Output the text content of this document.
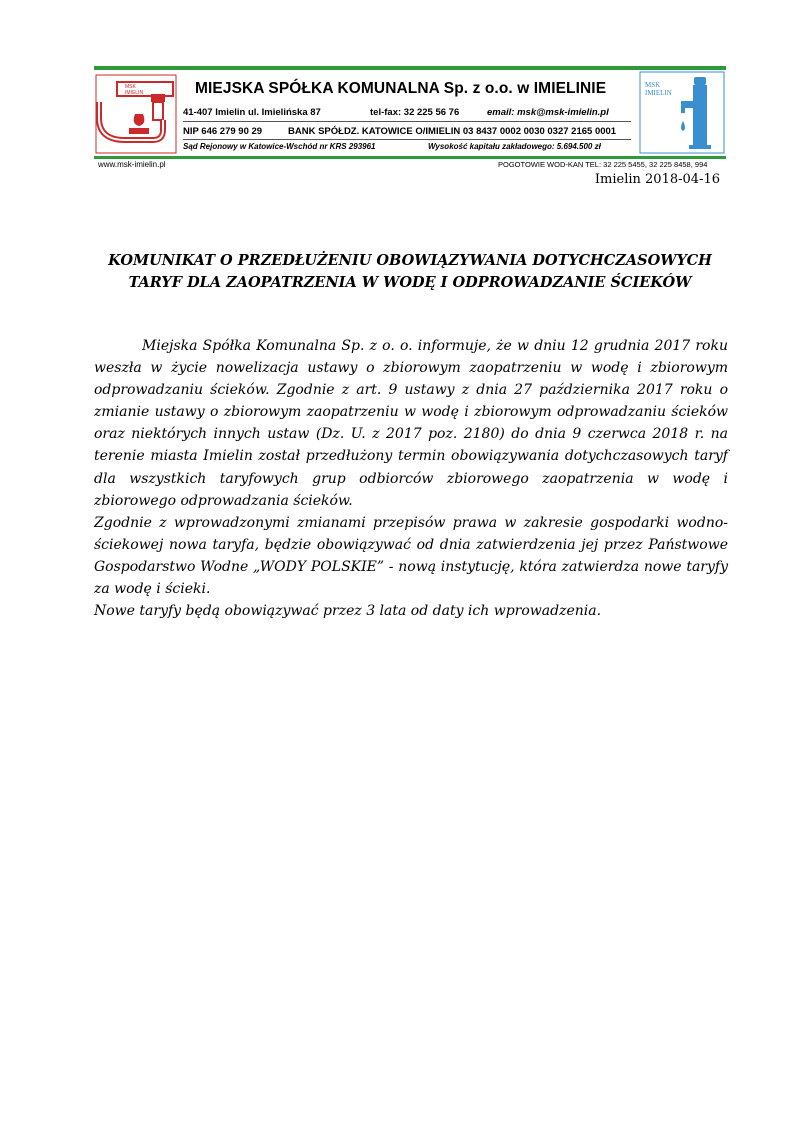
MSK
IMIELIN	MIEJSKA SPÓŁKA KOMUNALNA Sp. z o.o. w IMIELINIE
41-407 Imielin ul. Imielińska 87	tel-fax: 32 225 56 76	email: msk@msk-imielin.pl
NIP 646 279 90 29	BANK SPÓŁDZ. KATOWICE O/IMIELIN 03 8437 0002 0030 0327 2165 0001
Sąd Rejonowy w Katowice-Wschód nr KRS 293961	Wysokość kapitału zakładowego: 5.694.500 zł
MSK
IMIELIN
www.msk-imielin.pl	POGOTOWIE WOD-KAN TEL: 32 225 5455, 32 225 8458, 994
Imielin 2018-04-16
KOMUNIKAT O PRZEDŁUŻENIU OBOWIĄZYWANIA DOTYCHCZASOWYCH
TARYF DLA ZAOPATRZENIA W WODĘ I ODPROWADZANIE ŚCIEKÓW

Miejska Spółka Komunalna Sp. z o. o. informuje, że w dniu 12 grudnia 2017 roku weszła w życie nowelizacja ustawy o zbiorowym zaopatrzeniu w wodę i zbiorowym odprowadzaniu ścieków. Zgodnie z art. 9 ustawy z dnia 27 października 2017 roku o zmianie ustawy o zbiorowym zaopatrzeniu w wodę i zbiorowym odprowadzaniu ścieków oraz niektórych innych ustaw (Dz. U. z 2017 poz. 2180) do dnia 9 czerwca 2018 r. na terenie miasta Imielin został przedłużony termin obowiązywania dotychczasowych taryf dla wszystkich taryfowych grup odbiorców zbiorowego zaopatrzenia w wodę i zbiorowego odprowadzania ścieków.

Zgodnie z wprowadzonymi zmianami przepisów prawa w zakresie gospodarki wodno- ściekowej nowa taryfa, będzie obowiązywać od dnia zatwierdzenia jej przez Państwowe Gospodarstwo Wodne „WODY POLSKIE” - nową instytucję, która zatwierdza nowe taryfy za wodę i ścieki.

Nowe taryfy będą obowiązywać przez 3 lata od daty ich wprowadzenia.
